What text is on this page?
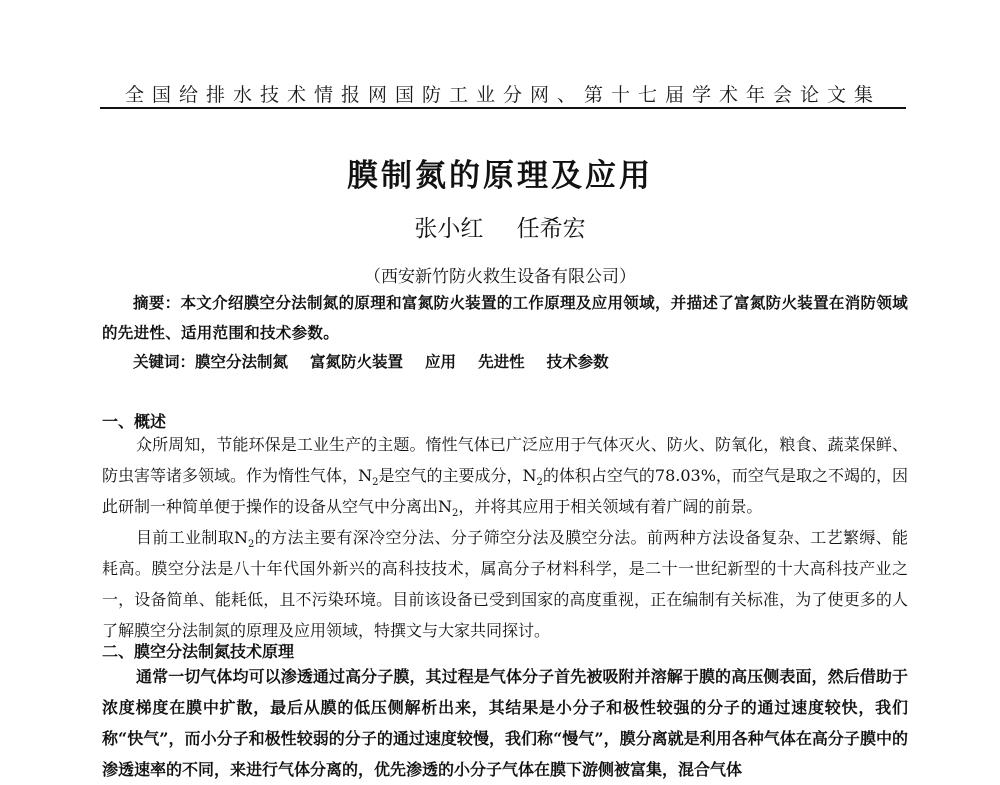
全国给排水技术情报网国防工业分网、第十七届学术年会论文集
膜制氮的原理及应用
张小红 任希宏
（西安新竹防火救生设备有限公司）
摘要：本文介绍膜空分法制氮的原理和富氮防火装置的工作原理及应用领域，并描述了富氮防火装置在消防领域的先进性、适用范围和技术参数。
关键词：膜空分法制氮 富氮防火装置 应用 先进性 技术参数
一、概述
众所周知，节能环保是工业生产的主题。惰性气体已广泛应用于气体灭火、防火、防氧化，粮食、蔬菜保鲜、防虫害等诸多领域。作为惰性气体，$N_2$是空气的主要成分，$N_2$的体积占空气的78.03%，而空气是取之不竭的，因此研制一种简单便于操作的设备从空气中分离出$N_2$，并将其应用于相关领域有着广阔的前景。
目前工业制取$N_2$的方法主要有深冷空分法、分子筛空分法及膜空分法。前两种方法设备复杂、工艺繁缛、能耗高。膜空分法是八十年代国外新兴的高科技技术，属高分子材料科学，是二十一世纪新型的十大高科技产业之一，设备简单、能耗低，且不污染环境。目前该设备已受到国家的高度重视，正在编制有关标准，为了使更多的人了解膜空分法制氮的原理及应用领域，特撰文与大家共同探讨。
二、膜空分法制氮技术原理
通常一切气体均可以渗透通过高分子膜，其过程是气体分子首先被吸附并溶解于膜的高压侧表面，然后借助于浓度梯度在膜中扩散，最后从膜的低压侧解析出来，其结果是小分子和极性较强的分子的通过速度较快，我们称“快气”，而小分子和极性较弱的分子的通过速度较慢，我们称“慢气”，膜分离就是利用各种气体在高分子膜中的渗透速率的不同，来进行气体分离的，优先渗透的小分子气体在膜下游侧被富集，混合气体
